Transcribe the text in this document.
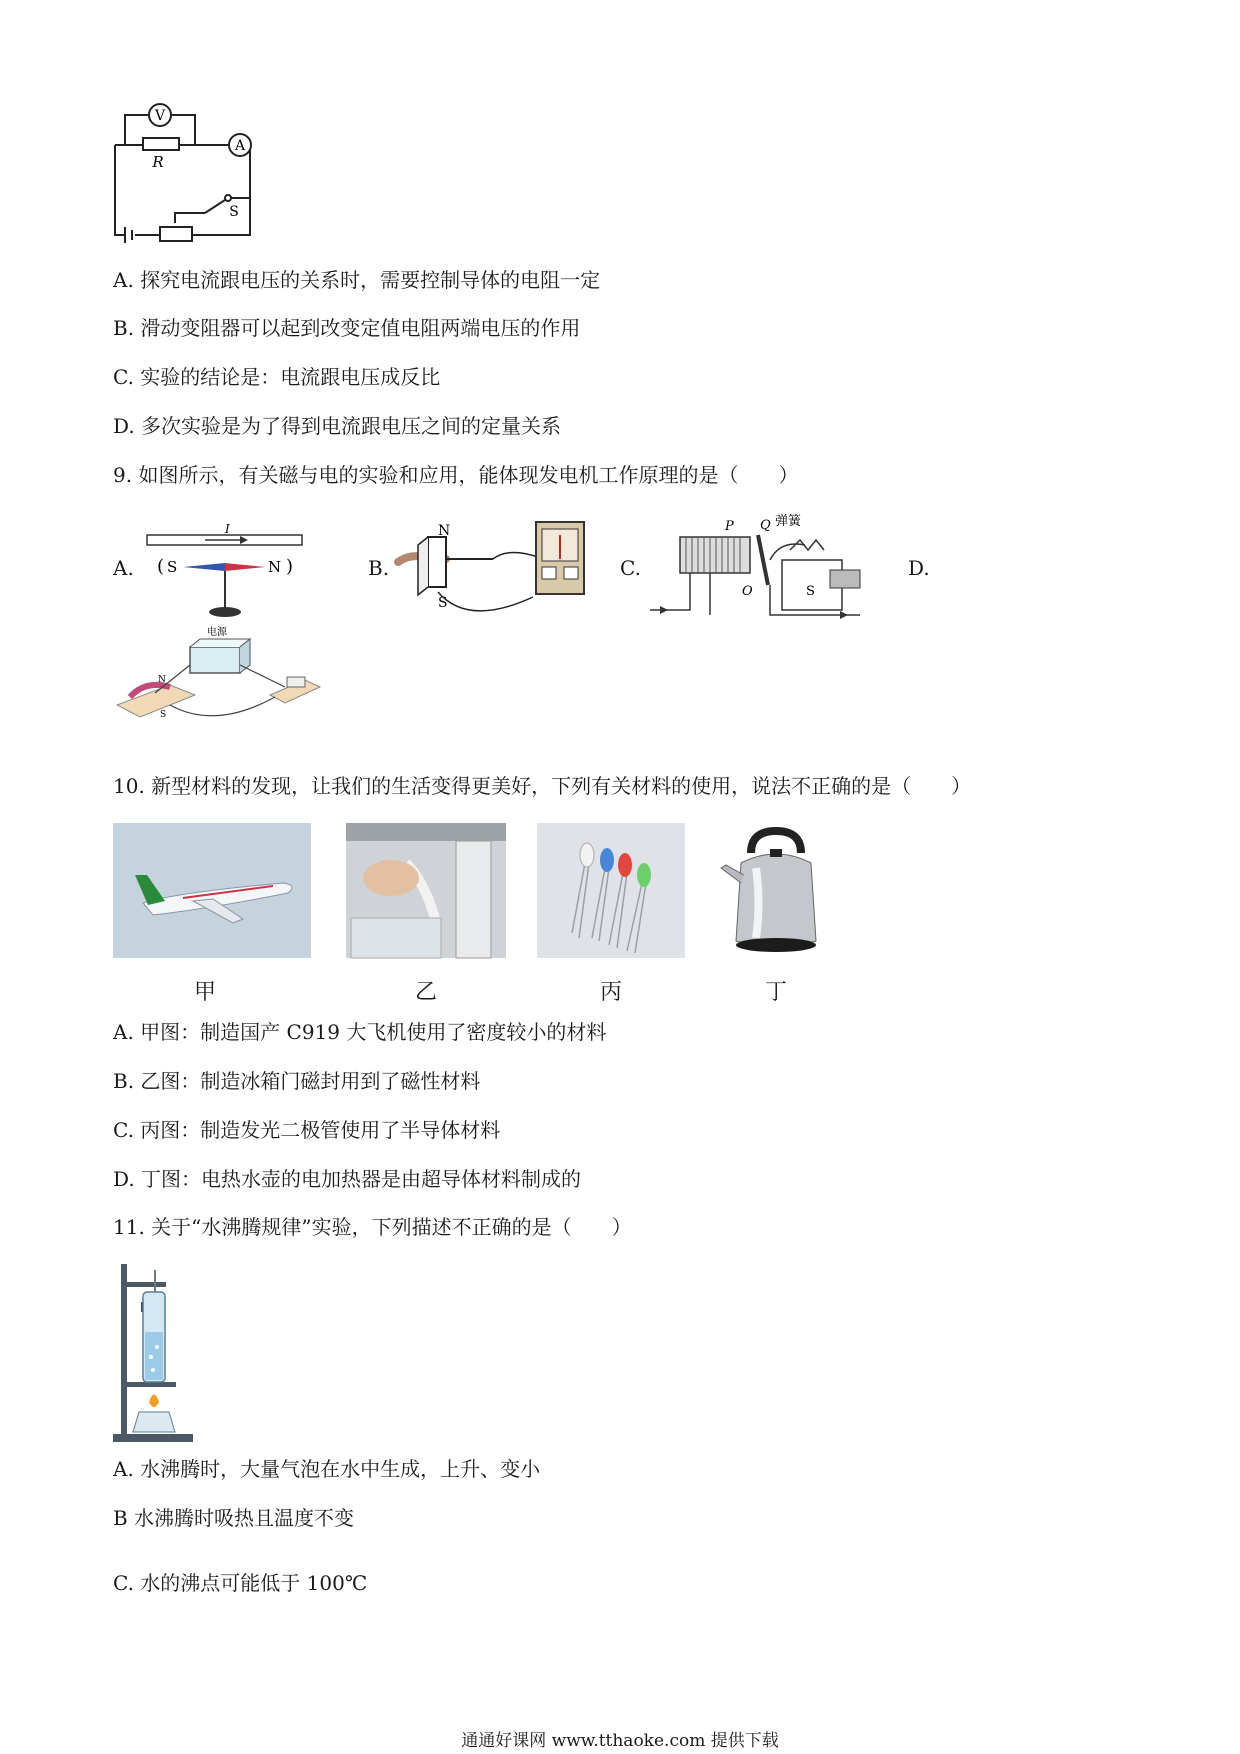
V
A
R
S
A. 探究电流跟电压的关系时，需要控制导体的电阻一定
B. 滑动变阻器可以起到改变定值电阻两端电压的作用
C. 实验的结论是：电流跟电压成反比
D. 多次实验是为了得到电流跟电压之间的定量关系
9. 如图所示，有关磁与电的实验和应用，能体现发电机工作原理的是（　　）
A.
I
( S	N )	B.
N
S
C.
P Q
O
弹簧
S
D.
电源
N
S
10. 新型材料的发现，让我们的生活变得更美好，下列有关材料的使用，说法不正确的是（　　）
甲	乙	丙	丁
A. 甲图：制造国产 C919 大飞机使用了密度较小的材料
B. 乙图：制造冰箱门磁封用到了磁性材料
C. 丙图：制造发光二极管使用了半导体材料
D. 丁图：电热水壶的电加热器是由超导体材料制成的
11. 关于“水沸腾规律”实验，下列描述不正确的是（　　）
A. 水沸腾时，大量气泡在水中生成，上升、变小
B 水沸腾时吸热且温度不变
C. 水的沸点可能低于 100℃
通通好课网 www.tthaoke.com 提供下载
